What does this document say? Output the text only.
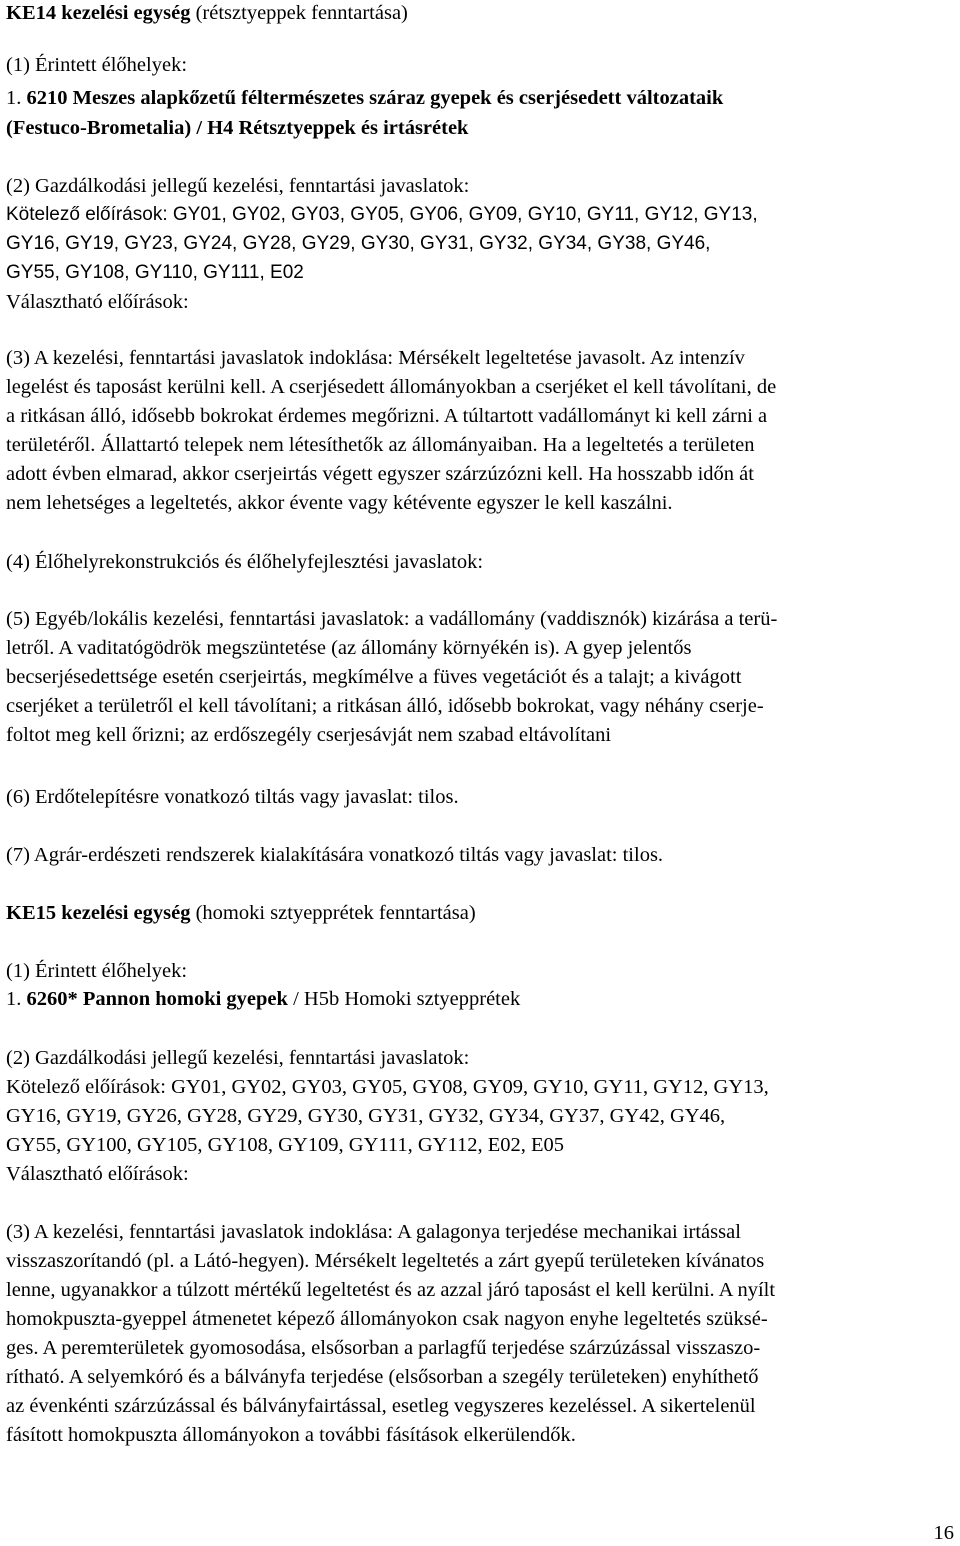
KE14 kezelési egység (rétsztyeppek fenntartása)
(1) Érintett élőhelyek:
1. 6210 Meszes alapkőzetű féltermészetes száraz gyepek és cserjésedett változataik
(Festuco-Brometalia) / H4 Rétsztyeppek és irtásrétek
(2) Gazdálkodási jellegű kezelési, fenntartási javaslatok:
Kötelező előírások: GY01, GY02, GY03, GY05, GY06, GY09, GY10, GY11, GY12, GY13,
GY16, GY19, GY23, GY24, GY28, GY29, GY30, GY31, GY32, GY34, GY38, GY46,
GY55, GY108, GY110, GY111, E02
Választható előírások:
(3) A kezelési, fenntartási javaslatok indoklása: Mérsékelt legeltetése javasolt. Az intenzív
legelést és taposást kerülni kell. A cserjésedett állományokban a cserjéket el kell távolítani, de
a ritkásan álló, idősebb bokrokat érdemes megőrizni. A túltartott vadállományt ki kell zárni a
területéről. Állattartó telepek nem létesíthetők az állományaiban. Ha a legeltetés a területen
adott évben elmarad, akkor cserjeirtás végett egyszer szárzúzózni kell. Ha hosszabb időn át
nem lehetséges a legeltetés, akkor évente vagy kétévente egyszer le kell kaszálni.
(4) Élőhelyrekonstrukciós és élőhelyfejlesztési javaslatok:
(5) Egyéb/lokális kezelési, fenntartási javaslatok: a vadállomány (vaddisznók) kizárása a terü-
letről. A vaditatógödrök megszüntetése (az állomány környékén is). A gyep jelentős
becserjésedettsége esetén cserjeirtás, megkímélve a füves vegetációt és a talajt; a kivágott
cserjéket a területről el kell távolítani; a ritkásan álló, idősebb bokrokat, vagy néhány cserje-
foltot meg kell őrizni; az erdőszegély cserjesávját nem szabad eltávolítani
(6) Erdőtelepítésre vonatkozó tiltás vagy javaslat: tilos.
(7) Agrár-erdészeti rendszerek kialakítására vonatkozó tiltás vagy javaslat: tilos.
KE15 kezelési egység (homoki sztyepprétek fenntartása)
(1) Érintett élőhelyek:
1. 6260* Pannon homoki gyepek / H5b Homoki sztyepprétek
(2) Gazdálkodási jellegű kezelési, fenntartási javaslatok:
Kötelező előírások: GY01, GY02, GY03, GY05, GY08, GY09, GY10, GY11, GY12, GY13,
GY16, GY19, GY26, GY28, GY29, GY30, GY31, GY32, GY34, GY37, GY42, GY46,
GY55, GY100, GY105, GY108, GY109, GY111, GY112, E02, E05
Választható előírások:
(3) A kezelési, fenntartási javaslatok indoklása: A galagonya terjedése mechanikai irtással
visszaszorítandó (pl. a Látó-hegyen). Mérsékelt legeltetés a zárt gyepű területeken kívánatos
lenne, ugyanakkor a túlzott mértékű legeltetést és az azzal járó taposást el kell kerülni. A nyílt
homokpuszta-gyeppel átmenetet képező állományokon csak nagyon enyhe legeltetés szüksé-
ges. A peremterületek gyomosodása, elsősorban a parlagfű terjedése szárzúzással visszaszo-
rítható. A selyemkóró és a bálványfa terjedése (elsősorban a szegély területeken) enyhíthető
az évenkénti szárzúzással és bálványfairtással, esetleg vegyszeres kezeléssel. A sikertelenül
fásított homokpuszta állományokon a további fásítások elkerülendők.
16
